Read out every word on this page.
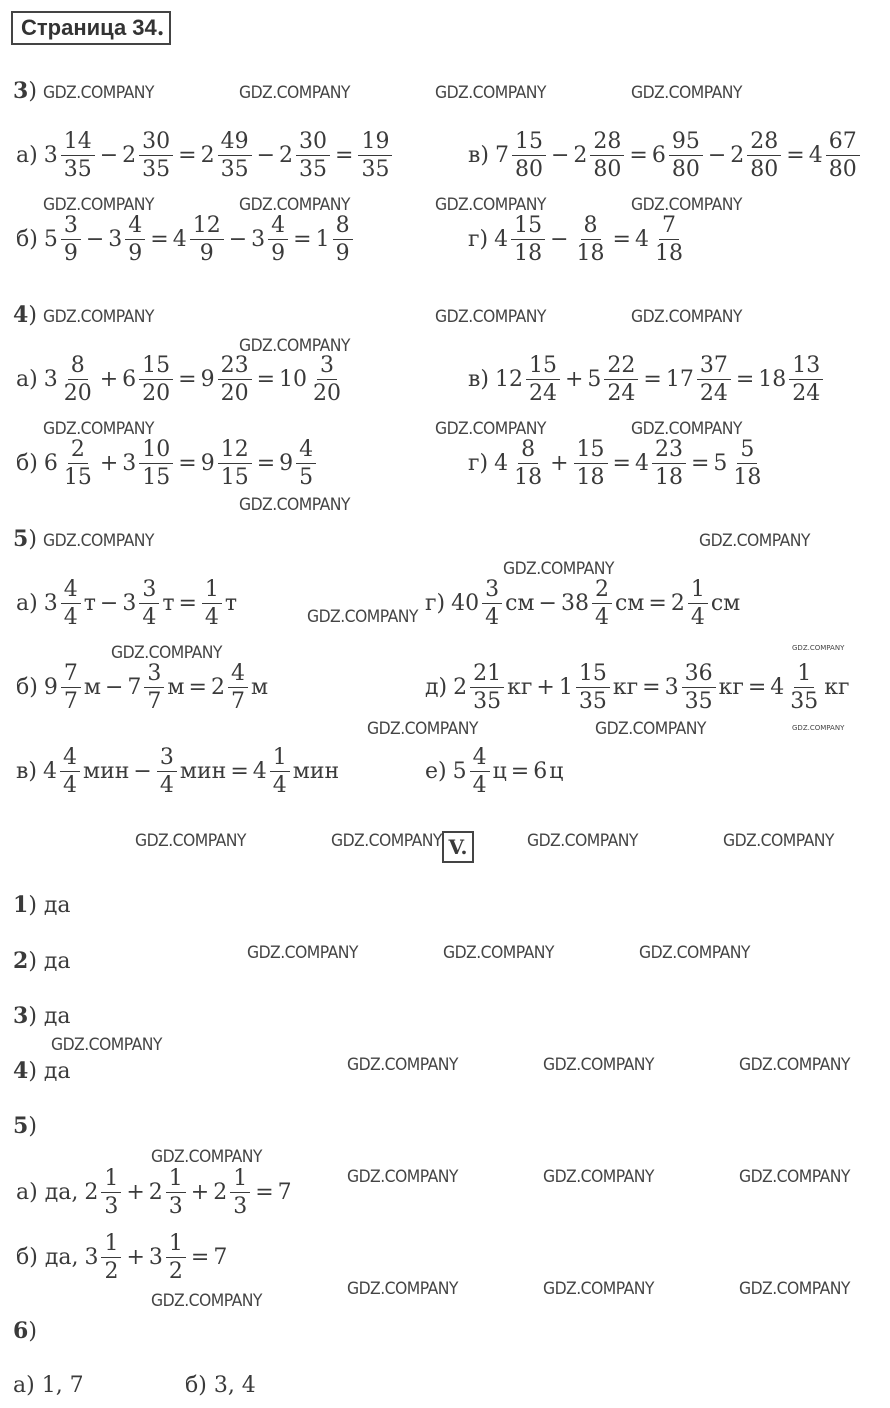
Страница 34.
3)
4)
5)
а) $3 \frac{14}{35} - 2 \frac{30}{35} = 2 \frac{49}{35} - 2 \frac{30}{35} = \frac{19}{35}$	в) $7 \frac{15}{80} - 2 \frac{28}{80} = 6 \frac{95}{80} - 2 \frac{28}{80} = 4 \frac{67}{80}$
б) $5 \frac{3}{9} - 3 \frac{4}{9} = 4 \frac{12}{9} - 3 \frac{4}{9} = 1 \frac{8}{9}$	г) $4 \frac{15}{18} - \frac{8}{18} = 4 \frac{7}{18}$
а) $3 \frac{8}{20} + 6 \frac{15}{20} = 9 \frac{23}{20} = 10 \frac{3}{20}$	в) $12 \frac{15}{24} + 5 \frac{22}{24} = 17 \frac{37}{24} = 18 \frac{13}{24}$
б) $6 \frac{2}{15} + 3 \frac{10}{15} = 9 \frac{12}{15} = 9 \frac{4}{5}$	г) $4 \frac{8}{18} + \frac{15}{18} = 4 \frac{23}{18} = 5 \frac{5}{18}$
а) $3 \frac{4}{4}$ $т - 3 \frac{3}{4}$ $т = \frac{1}{4}$ т	г) $40 \frac{3}{4}$ см − $38 \frac{2}{4}$ см = $2 \frac{1}{4}$ см
б) $9 \frac{7}{7}$ $м - 7 \frac{3}{7}$ $м = 2 \frac{4}{7}$ м	д) $2 \frac{21}{35}$ кг + $1 \frac{15}{35}$ кг = $3 \frac{36}{35}$ кг = $4 \frac{1}{35}$ кг
в) $4 \frac{4}{4}$ мин − $\frac{3}{4}$ мин = $4 \frac{1}{4}$ мин	е) $5 \frac{4}{4}$ ц = 6 ц
V.
1) да
2) да
3) да
4) да
5)
а) да, $2 \frac{1}{3} + 2 \frac{1}{3} + 2 \frac{1}{3} = 7$
б) да, $3 \frac{1}{2} + 3 \frac{1}{2} = 7$
6)
а) 1, 7	б) 3, 4
GDZ.COMPANY	GDZ.COMPANY	GDZ.COMPANY	GDZ.COMPANY
GDZ.COMPANY	GDZ.COMPANY	GDZ.COMPANY	GDZ.COMPANY
GDZ.COMPANY	GDZ.COMPANY	GDZ.COMPANY
GDZ.COMPANY
GDZ.COMPANY	GDZ.COMPANY	GDZ.COMPANY
GDZ.COMPANY
GDZ.COMPANY	GDZ.COMPANY
GDZ.COMPANY
GDZ.COMPANY
GDZ.COMPANY	GDZ.COMPANY
GDZ.COMPANY
GDZ.COMPANY	GDZ.COMPANY
GDZ.COMPANY	GDZ.COMPANY	GDZ.COMPANY	GDZ.COMPANY
GDZ.COMPANY	GDZ.COMPANY	GDZ.COMPANY
GDZ.COMPANY
GDZ.COMPANY	GDZ.COMPANY	GDZ.COMPANY
GDZ.COMPANY
GDZ.COMPANY	GDZ.COMPANY	GDZ.COMPANY
GDZ.COMPANY	GDZ.COMPANY	GDZ.COMPANY
GDZ.COMPANY
